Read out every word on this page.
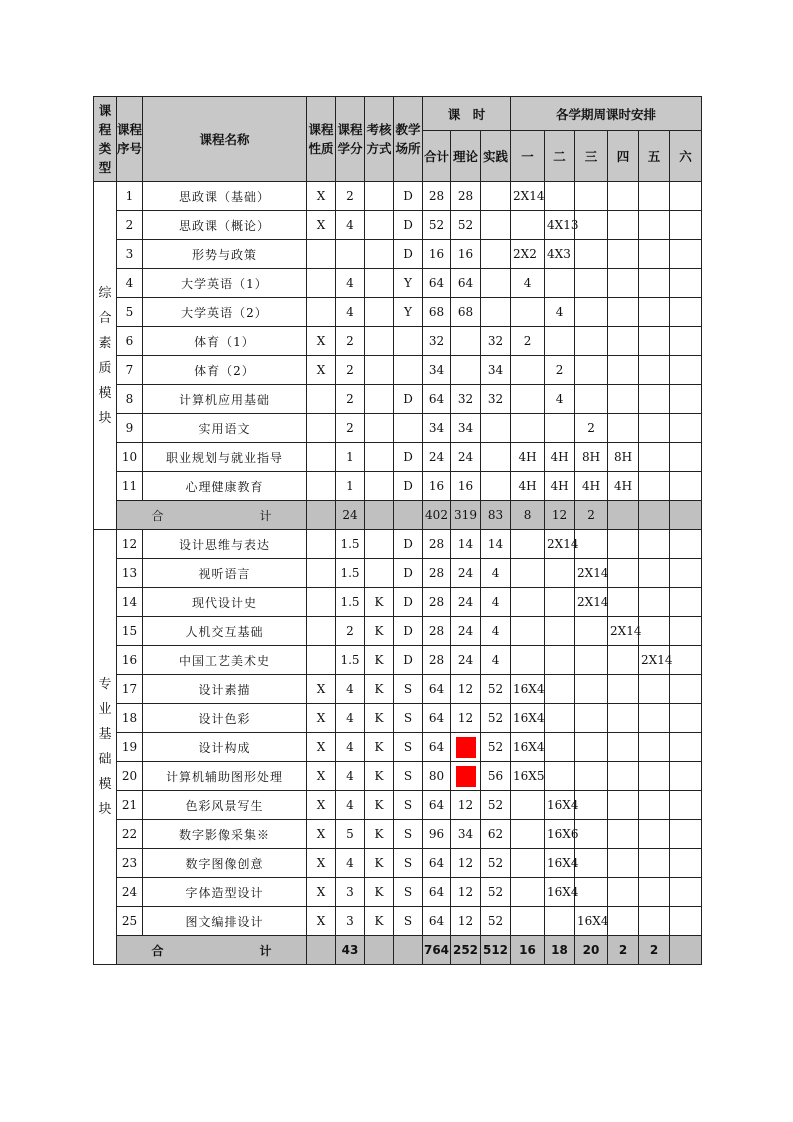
课程类型	课程序号	课程名称	课程性质	课程学分	考核方式	教学场所	课　时			各学期周课时安排					
							合计	理论	实践	一	二	三	四	五	六
综合素质模块	1	思政课（基础）	X	2		D	28	28		2X14					
	2	思政课（概论）	X	4		D	52	52			4X13				
	3	形势与政策				D	16	16		2X2	4X3				
	4	大学英语（1）		4		Y	64	64		4					
	5	大学英语（2）		4		Y	68	68			4				
	6	体育（1）	X	2			32		32	2					
	7	体育（2）	X	2			34		34		2				
	8	计算机应用基础		2		D	64	32	32		4				
	9	实用语文		2			34	34				2			
	10	职业规划与就业指导		1		D	24	24		4H	4H	8H	8H		
	11	心理健康教育		1		D	16	16		4H	4H	4H	4H		
	合　　计			24			402	319	83	8	12	2			
专业基础模块	12	设计思维与表达		1.5		D	28	14	14		2X14				
	13	视听语言		1.5		D	28	24	4			2X14			
	14	现代设计史		1.5	K	D	28	24	4			2X14			
	15	人机交互基础		2	K	D	28	24	4				2X14		
	16	中国工艺美术史		1.5	K	D	28	24	4					2X14	
	17	设计素描	X	4	K	S	64	12	52	16X4					
	18	设计色彩	X	4	K	S	64	12	52	16X4					
	19	设计构成	X	4	K	S	64		52	16X4					
	20	计算机辅助图形处理	X	4	K	S	80		56	16X5					
	21	色彩风景写生	X	4	K	S	64	12	52		16X4				
	22	数字影像采集※	X	5	K	S	96	34	62		16X6				
	23	数字图像创意	X	4	K	S	64	12	52		16X4				
	24	字体造型设计	X	3	K	S	64	12	52		16X4				
	25	图文编排设计	X	3	K	S	64	12	52			16X4			
	合　　计			43			764	252	512	16	18	20	2	2	
